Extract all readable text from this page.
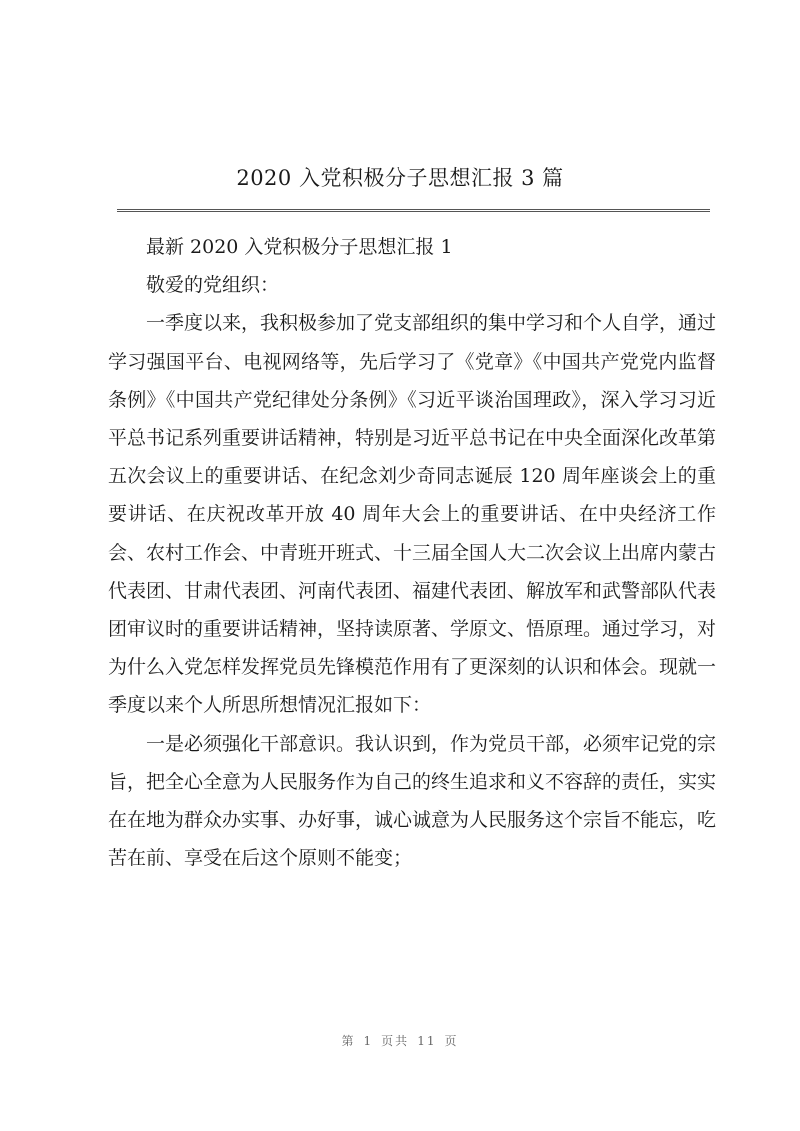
2020 入党积极分子思想汇报 3 篇

最新 2020 入党积极分子思想汇报 1

敬爱的党组织：

一季度以来，我积极参加了党支部组织的集中学习和个人自学，通过学习强国平台、电视网络等，先后学习了《党章》《中国共产党党内监督条例》《中国共产党纪律处分条例》《习近平谈治国理政》，深入学习习近平总书记系列重要讲话精神，特别是习近平总书记在中央全面深化改革第五次会议上的重要讲话、在纪念刘少奇同志诞辰 120 周年座谈会上的重要讲话、在庆祝改革开放 40 周年大会上的重要讲话、在中央经济工作会、农村工作会、中青班开班式、十三届全国人大二次会议上出席内蒙古代表团、甘肃代表团、河南代表团、福建代表团、解放军和武警部队代表团审议时的重要讲话精神，坚持读原著、学原文、悟原理。通过学习，对为什么入党怎样发挥党员先锋模范作用有了更深刻的认识和体会。现就一季度以来个人所思所想情况汇报如下：

一是必须强化干部意识。我认识到，作为党员干部，必须牢记党的宗旨，把全心全意为人民服务作为自己的终生追求和义不容辞的责任，实实在在地为群众办实事、办好事，诚心诚意为人民服务这个宗旨不能忘，吃苦在前、享受在后这个原则不能变；

第 1 页共 11 页
